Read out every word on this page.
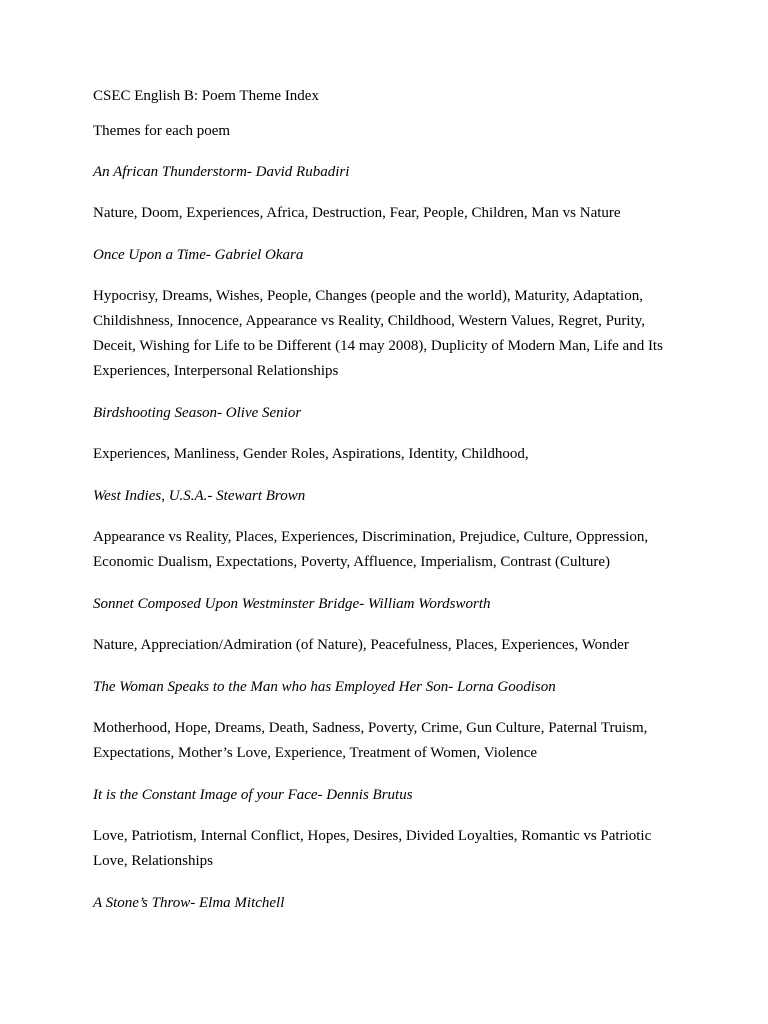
CSEC English B: Poem Theme Index

Themes for each poem

An African Thunderstorm- David Rubadiri

Nature, Doom, Experiences, Africa, Destruction, Fear, People, Children, Man vs Nature

Once Upon a Time- Gabriel Okara

Hypocrisy, Dreams, Wishes, People, Changes (people and the world), Maturity, Adaptation, Childishness, Innocence, Appearance vs Reality, Childhood, Western Values, Regret, Purity, Deceit, Wishing for Life to be Different (14 may 2008), Duplicity of Modern Man, Life and Its Experiences, Interpersonal Relationships

Birdshooting Season- Olive Senior

Experiences, Manliness, Gender Roles, Aspirations, Identity, Childhood,

West Indies, U.S.A.- Stewart Brown

Appearance vs Reality, Places, Experiences, Discrimination, Prejudice, Culture, Oppression, Economic Dualism, Expectations, Poverty, Affluence, Imperialism, Contrast (Culture)

Sonnet Composed Upon Westminster Bridge- William Wordsworth

Nature, Appreciation/Admiration (of Nature), Peacefulness, Places, Experiences, Wonder

The Woman Speaks to the Man who has Employed Her Son- Lorna Goodison

Motherhood, Hope, Dreams, Death, Sadness, Poverty, Crime, Gun Culture, Paternal Truism, Expectations, Mother’s Love, Experience, Treatment of Women, Violence

It is the Constant Image of your Face- Dennis Brutus

Love, Patriotism, Internal Conflict, Hopes, Desires, Divided Loyalties, Romantic vs Patriotic Love, Relationships

A Stone’s Throw- Elma Mitchell
